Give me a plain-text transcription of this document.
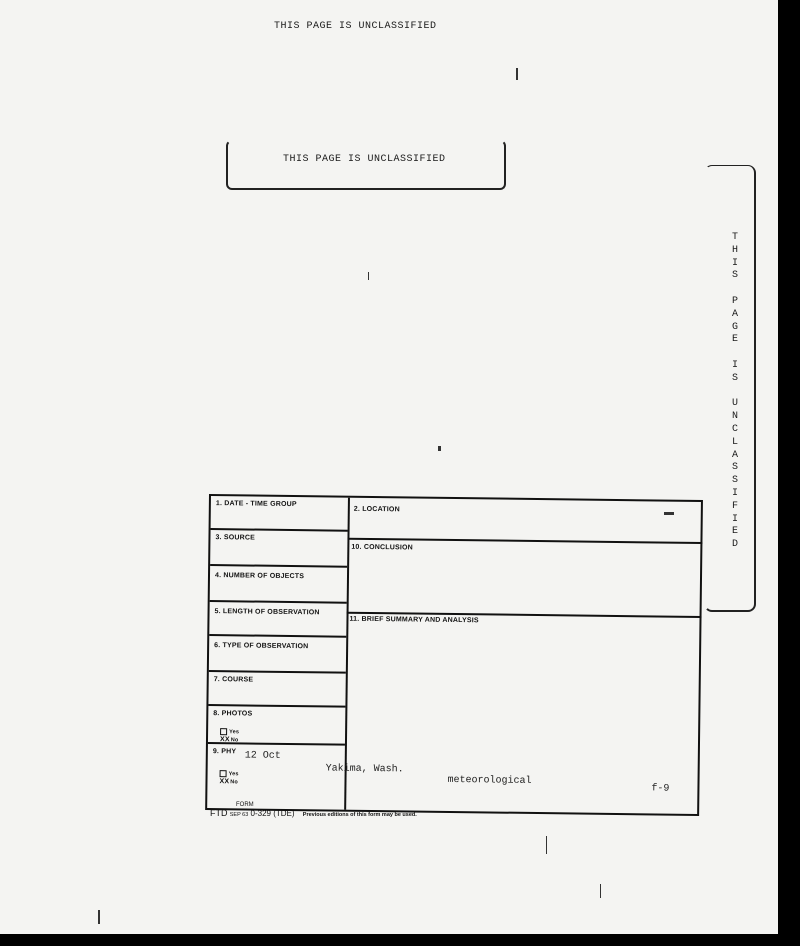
THIS PAGE IS UNCLASSIFIED
THIS PAGE IS UNCLASSIFIED
T
H
I
S
P
A
G
E
I
S
U
N
C
L
A
S
S
I
F
I
E
D
1. DATE - TIME GROUP
3. SOURCE
4. NUMBER OF OBJECTS
5. LENGTH OF OBSERVATION
6. TYPE OF OBSERVATION
7. COURSE
8. PHOTOS
Yes
XXNo
9. PHY
Yes
XXNo
2. LOCATION
10. CONCLUSION
11. BRIEF SUMMARY AND ANALYSIS
12 Oct
Yakima, Wash.
meteorological
f-9
FORM
FTD SEP 63 0-329 (TDE) Previous editions of this form may be used.
